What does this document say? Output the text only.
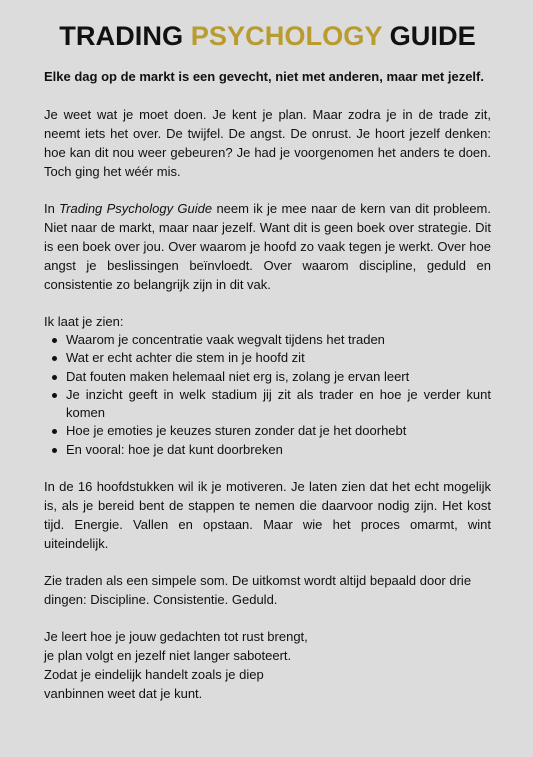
TRADING PSYCHOLOGY GUIDE

Elke dag op de markt is een gevecht, niet met anderen, maar met jezelf.

Je weet wat je moet doen. Je kent je plan. Maar zodra je in de trade zit, neemt iets het over. De twijfel. De angst. De onrust. Je hoort jezelf denken: hoe kan dit nou weer gebeuren? Je had je voorgenomen het anders te doen. Toch ging het wéér mis.

In Trading Psychology Guide neem ik je mee naar de kern van dit probleem. Niet naar de markt, maar naar jezelf. Want dit is geen boek over strategie. Dit is een boek over jou. Over waarom je hoofd zo vaak tegen je werkt. Over hoe angst je beslissingen beïnvloedt. Over waarom discipline, geduld en consistentie zo belangrijk zijn in dit vak.

Ik laat je zien:

Waarom je concentratie vaak wegvalt tijdens het traden
Wat er echt achter die stem in je hoofd zit
Dat fouten maken helemaal niet erg is, zolang je ervan leert
Je inzicht geeft in welk stadium jij zit als trader en hoe je verder kunt komen
Hoe je emoties je keuzes sturen zonder dat je het doorhebt
En vooral: hoe je dat kunt doorbreken

In de 16 hoofdstukken wil ik je motiveren. Je laten zien dat het echt mogelijk is, als je bereid bent de stappen te nemen die daarvoor nodig zijn. Het kost tijd. Energie. Vallen en opstaan. Maar wie het proces omarmt, wint uiteindelijk.

Zie traden als een simpele som. De uitkomst wordt altijd bepaald door drie dingen: Discipline. Consistentie. Geduld.

Je leert hoe je jouw gedachten tot rust brengt, je plan volgt en jezelf niet langer saboteert. Zodat je eindelijk handelt zoals je diep vanbinnen weet dat je kunt.
